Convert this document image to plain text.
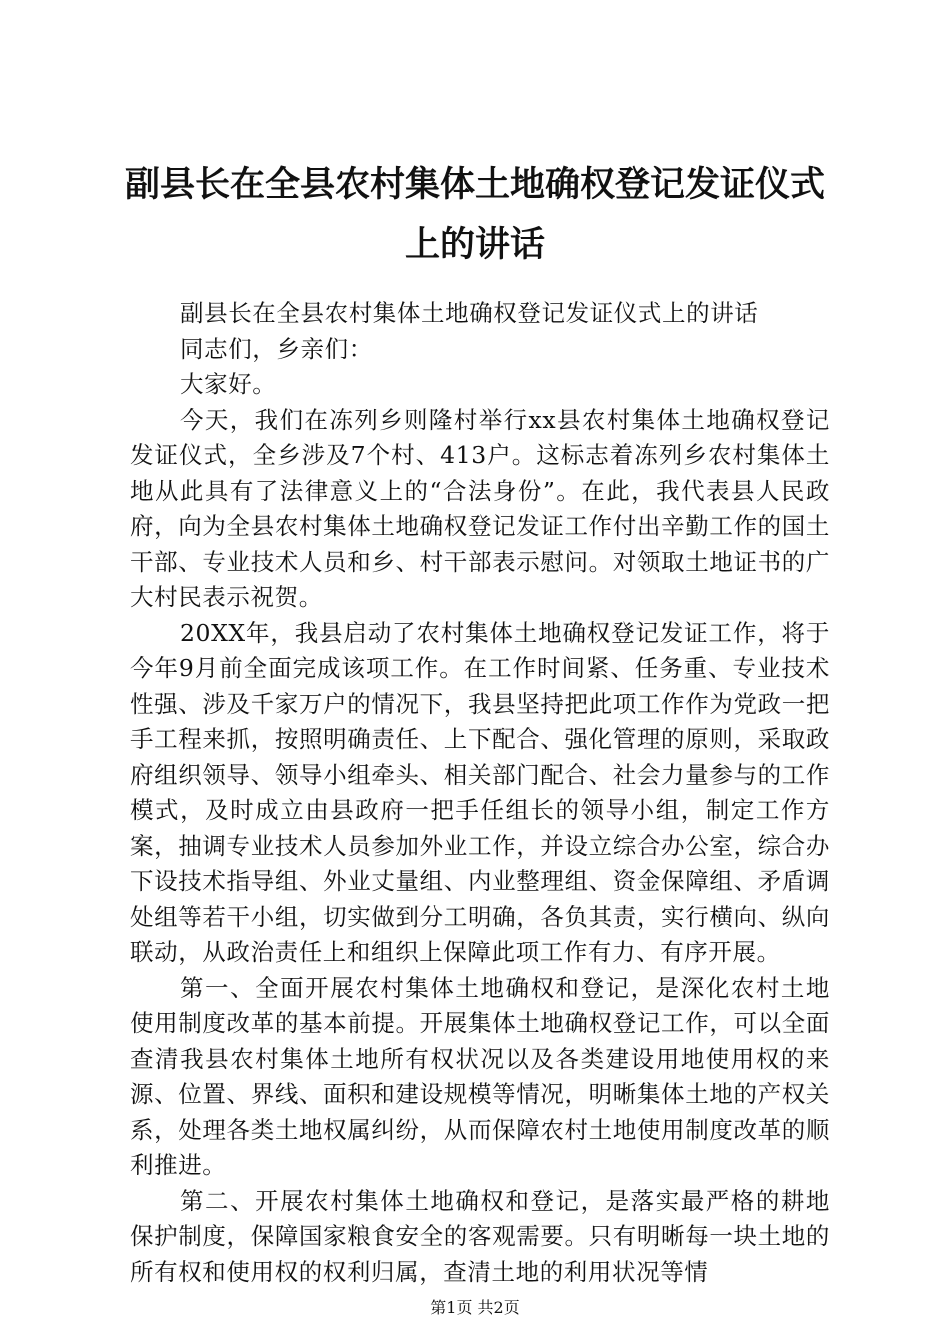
副县长在全县农村集体土地确权登记发证仪式
上的讲话

副县长在全县农村集体土地确权登记发证仪式上的讲话

同志们，乡亲们：

大家好。

今天，我们在冻列乡则隆村举行xx县农村集体土地确权登记发证仪式，全乡涉及7个村、413户。这标志着冻列乡农村集体土地从此具有了法律意义上的“合法身份”。在此，我代表县人民政府，向为全县农村集体土地确权登记发证工作付出辛勤工作的国土干部、专业技术人员和乡、村干部表示慰问。对领取土地证书的广大村民表示祝贺。

20XX年，我县启动了农村集体土地确权登记发证工作，将于今年9月前全面完成该项工作。在工作时间紧、任务重、专业技术性强、涉及千家万户的情况下，我县坚持把此项工作作为党政一把手工程来抓，按照明确责任、上下配合、强化管理的原则，采取政府组织领导、领导小组牵头、相关部门配合、社会力量参与的工作模式，及时成立由县政府一把手任组长的领导小组，制定工作方案，抽调专业技术人员参加外业工作，并设立综合办公室，综合办下设技术指导组、外业丈量组、内业整理组、资金保障组、矛盾调处组等若干小组，切实做到分工明确，各负其责，实行横向、纵向联动，从政治责任上和组织上保障此项工作有力、有序开展。

第一、全面开展农村集体土地确权和登记，是深化农村土地使用制度改革的基本前提。开展集体土地确权登记工作，可以全面查清我县农村集体土地所有权状况以及各类建设用地使用权的来源、位置、界线、面积和建设规模等情况，明晰集体土地的产权关系，处理各类土地权属纠纷，从而保障农村土地使用制度改革的顺利推进。

第二、开展农村集体土地确权和登记，是落实最严格的耕地保护制度，保障国家粮食安全的客观需要。只有明晰每一块土地的所有权和使用权的权利归属，查清土地的利用状况等情

第1页 共2页
